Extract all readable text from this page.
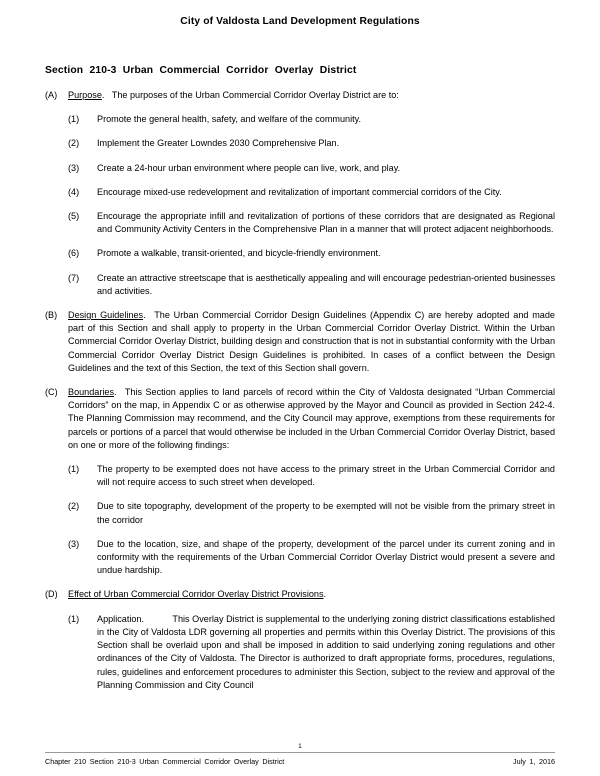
City of Valdosta Land Development Regulations
Section 210-3 Urban Commercial Corridor Overlay District
(A)	Purpose. The purposes of the Urban Commercial Corridor Overlay District are to:
(1)	Promote the general health, safety, and welfare of the community.
(2)	Implement the Greater Lowndes 2030 Comprehensive Plan.
(3)	Create a 24-hour urban environment where people can live, work, and play.
(4)	Encourage mixed-use redevelopment and revitalization of important commercial corridors of the City.
(5)	Encourage the appropriate infill and revitalization of portions of these corridors that are designated as Regional and Community Activity Centers in the Comprehensive Plan in a manner that will protect adjacent neighborhoods.
(6)	Promote a walkable, transit-oriented, and bicycle-friendly environment.
(7)	Create an attractive streetscape that is aesthetically appealing and will encourage pedestrian-oriented businesses and activities.
(B)	Design Guidelines. The Urban Commercial Corridor Design Guidelines (Appendix C) are hereby adopted and made part of this Section and shall apply to property in the Urban Commercial Corridor Overlay District. Within the Urban Commercial Corridor Overlay District, building design and construction that is not in substantial conformity with the Urban Commercial Corridor Overlay District Design Guidelines is prohibited. In cases of a conflict between the Design Guidelines and the text of this Section, the text of this Section shall govern.
(C)	Boundaries. This Section applies to land parcels of record within the City of Valdosta designated “Urban Commercial Corridors” on the map, in Appendix C or as otherwise approved by the Mayor and Council as provided in Section 242-4. The Planning Commission may recommend, and the City Council may approve, exemptions from these requirements for parcels or portions of a parcel that would otherwise be included in the Urban Commercial Corridor Overlay District, based on one or more of the following findings:
(1)	The property to be exempted does not have access to the primary street in the Urban Commercial Corridor and will not require access to such street when developed.
(2)	Due to site topography, development of the property to be exempted will not be visible from the primary street in the corridor
(3)	Due to the location, size, and shape of the property, development of the parcel under its current zoning and in conformity with the requirements of the Urban Commercial Corridor Overlay District would present a severe and undue hardship.
(D)	Effect of Urban Commercial Corridor Overlay District Provisions.
(1)	Application.	This Overlay District is supplemental to the underlying zoning district classifications established in the City of Valdosta LDR governing all properties and permits within this Overlay District. The provisions of this Section shall be overlaid upon and shall be imposed in addition to said underlying zoning regulations and other ordinances of the City of Valdosta. The Director is authorized to draft appropriate forms, procedures, regulations, rules, guidelines and enforcement procedures to administer this Section, subject to the review and approval of the Planning Commission and City Council
1
Chapter 210 Section 210-3 Urban Commercial Corridor Overlay District	July 1, 2016
